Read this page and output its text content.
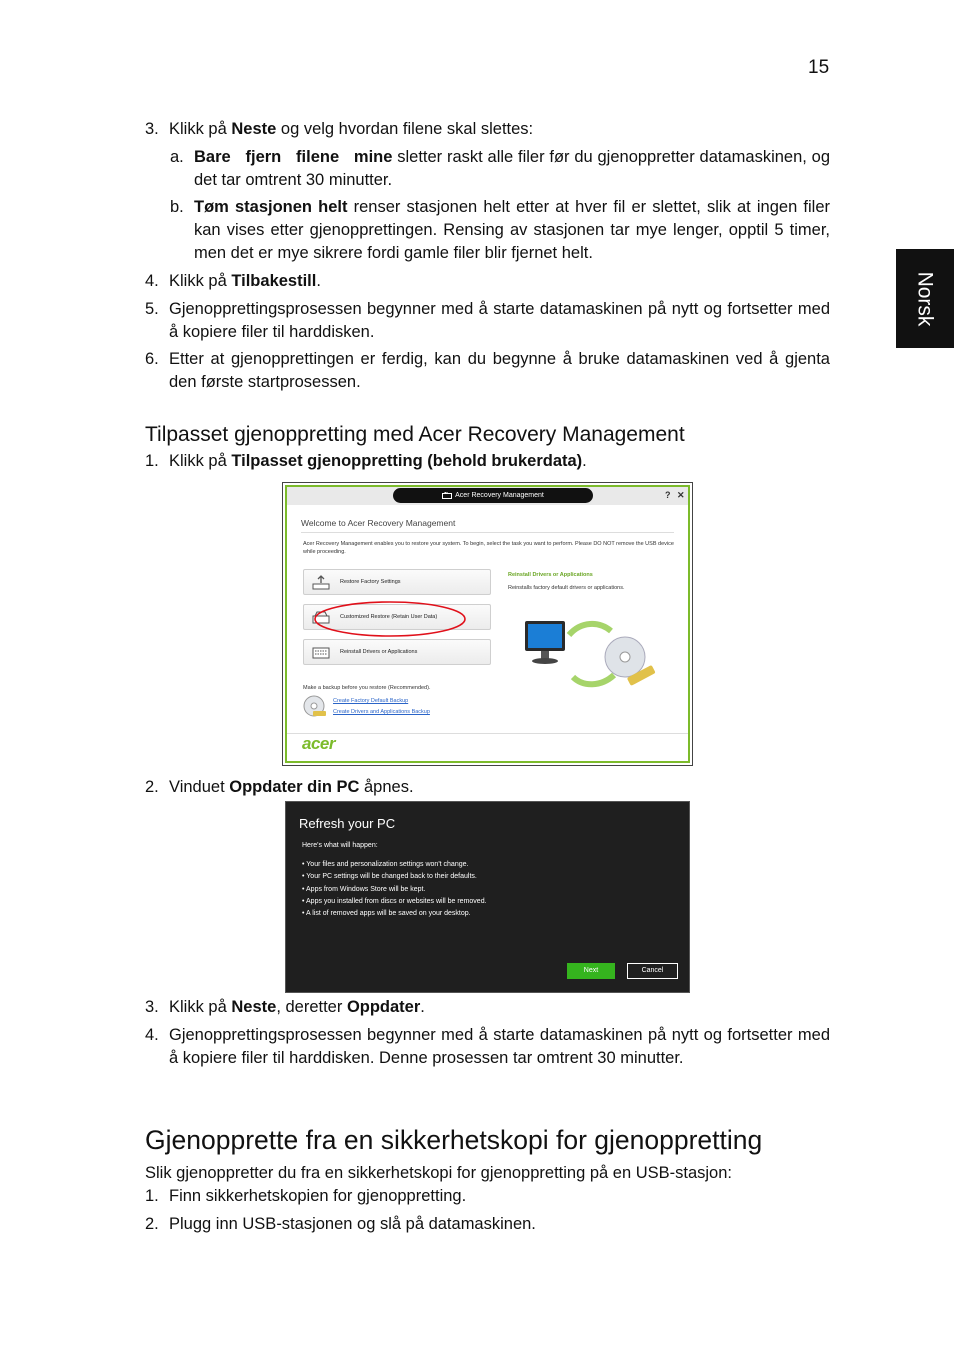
15
Norsk
3. Klikk på Neste og velg hvordan filene skal slettes:
a. Bare fjern filene mine sletter raskt alle filer før du gjenoppretter datamaskinen, og det tar omtrent 30 minutter.
b. Tøm stasjonen helt renser stasjonen helt etter at hver fil er slettet, slik at ingen filer kan vises etter gjenopprettingen. Rensing av stasjonen tar mye lenger, opptil 5 timer, men det er mye sikrere fordi gamle filer blir fjernet helt.
4. Klikk på Tilbakestill.
5. Gjenopprettingsprosessen begynner med å starte datamaskinen på nytt og fortsetter med å kopiere filer til harddisken.
6. Etter at gjenopprettingen er ferdig, kan du begynne å bruke datamaskinen ved å gjenta den første startprosessen.
Tilpasset gjenoppretting med Acer Recovery Management
1. Klikk på Tilpasset gjenoppretting (behold brukerdata).
Acer Recovery Management	? ✕
Welcome to Acer Recovery Management
Acer Recovery Management enables you to restore your system. To begin, select the task you want to perform. Please DO NOT remove the USB device while proceeding.
Restore Factory Settings
Customized Restore (Retain User Data)
Reinstall Drivers or Applications
Reinstall Drivers or Applications
Reinstalls factory default drivers or applications.
Make a backup before you restore (Recommended).
Create Factory Default Backup
Create Drivers and Applications Backup
acer
2. Vinduet Oppdater din PC åpnes.
Refresh your PC
Here's what will happen:
• Your files and personalization settings won't change.
• Your PC settings will be changed back to their defaults.
• Apps from Windows Store will be kept.
• Apps you installed from discs or websites will be removed.
• A list of removed apps will be saved on your desktop.
Next	Cancel
3. Klikk på Neste, deretter Oppdater.
4. Gjenopprettingsprosessen begynner med å starte datamaskinen på nytt og fortsetter med å kopiere filer til harddisken. Denne prosessen tar omtrent 30 minutter.
Gjenopprette fra en sikkerhetskopi for gjenoppretting
Slik gjenoppretter du fra en sikkerhetskopi for gjenoppretting på en USB-stasjon:
1. Finn sikkerhetskopien for gjenoppretting.
2. Plugg inn USB-stasjonen og slå på datamaskinen.
